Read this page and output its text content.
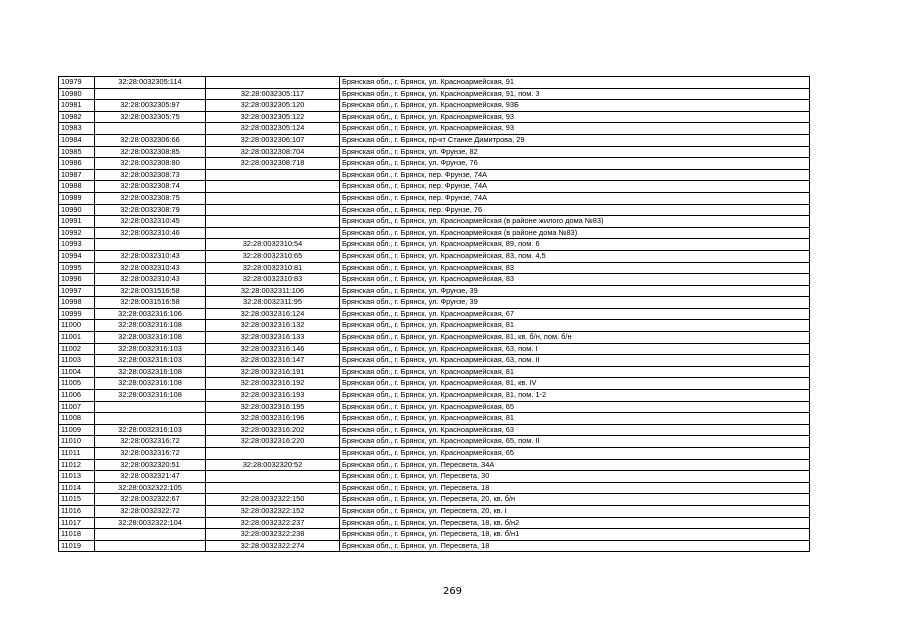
10979	32:28:0032305:114		Брянская обл., г. Брянск, ул. Красноармейская, 91
10980		32:28:0032305:117	Брянская обл., г. Брянск, ул. Красноармейская, 91, пом. 3
10981	32:28:0032305:97	32:28:0032305:120	Брянская обл., г. Брянск, ул. Красноармейская, 93Б
10982	32:28:0032305:75	32:28:0032305:122	Брянская обл., г. Брянск, ул. Красноармейская, 93
10983		32:28:0032305:124	Брянская обл., г. Брянск, ул. Красноармейская, 93
10984	32:28:0032306:66	32:28:0032306:107	Брянская обл., г. Брянск, пр-кт Станке Димитрова, 29
10985	32:28:0032308:85	32:28:0032308:704	Брянская обл., г. Брянск, ул. Фрунзе, 82
10986	32:28:0032308:80	32:28:0032308:718	Брянская обл., г. Брянск, ул. Фрунзе, 76
10987	32:28:0032308:73		Брянская обл., г. Брянск, пер. Фрунзе, 74А
10988	32:28:0032308:74		Брянская обл., г. Брянск, пер. Фрунзе, 74А
10989	32:28:0032308:75		Брянская обл., г. Брянск, пер. Фрунзе, 74А
10990	32:28:0032308:79		Брянская обл., г. Брянск, пер. Фрунзе, 76
10991	32:28:0032310:45		Брянская обл., г. Брянск, ул. Красноармейская (в районе жилого дома №83)
10992	32:28:0032310:46		Брянская обл., г. Брянск, ул. Красноармейская (в районе дома №83)
10993		32:28:0032310:54	Брянская обл., г. Брянск, ул. Красноармейская, 89, пом. 6
10994	32:28:0032310:43	32:28:0032310:65	Брянская обл., г. Брянск, ул. Красноармейская, 83, пом. 4,5
10995	32:28:0032310:43	32:28:0032310:81	Брянская обл., г. Брянск, ул. Красноармейская, 83
10996	32:28:0032310:43	32:28:0032310:83	Брянская обл., г. Брянск, ул. Красноармейская, 83
10997	32:28:0031516:58	32:28:0032311:106	Брянская обл., г. Брянск, ул. Фрунзе, 39
10998	32:28:0031516:58	32:28:0032311:95	Брянская обл., г. Брянск, ул. Фрунзе, 39
10999	32:28:0032316:106	32:28:0032316:124	Брянская обл., г. Брянск, ул. Красноармейская, 67
11000	32:28:0032316:108	32:28:0032316:132	Брянская обл., г. Брянск, ул. Красноармейская, 81
11001	32:28:0032316:108	32:28:0032316:133	Брянская обл., г. Брянск, ул. Красноармейская, 81, кв. б/н, пом. б/н
11002	32:28:0032316:103	32:28:0032316:146	Брянская обл., г. Брянск, ул. Красноармейская, 63, пом. I
11003	32:28:0032316:103	32:28:0032316:147	Брянская обл., г. Брянск, ул. Красноармейская, 63, пом. II
11004	32:28:0032316:108	32:28:0032316:191	Брянская обл., г. Брянск, ул. Красноармейская, 81
11005	32:28:0032316:108	32:28:0032316:192	Брянская обл., г. Брянск, ул. Красноармейская, 81, кв. IV
11006	32:28:0032316:108	32:28:0032316:193	Брянская обл., г. Брянск, ул. Красноармейская, 81, пом. 1-2
11007		32:28:0032316:195	Брянская обл., г. Брянск, ул. Красноармейская, 65
11008		32:28:0032316:196	Брянская обл., г. Брянск, ул. Красноармейская, 81
11009	32:28:0032316:103	32:28:0032316:202	Брянская обл., г. Брянск, ул. Красноармейская, 63
11010	32:28:0032316:72	32:28:0032316:220	Брянская обл., г. Брянск, ул. Красноармейская, 65, пом. II
11011	32:28:0032316:72		Брянская обл., г. Брянск, ул. Красноармейская, 65
11012	32:28:0032320:51	32:28:0032320:52	Брянская обл., г. Брянск, ул. Пересвета, 34А
11013	32:28:0032321:47		Брянская обл., г. Брянск, ул. Пересвета, 30
11014	32:28:0032322:105		Брянская обл., г. Брянск, ул. Пересвета, 18
11015	32:28:0032322:67	32:28:0032322:150	Брянская обл., г. Брянск, ул. Пересвета, 20, кв. б/н
11016	32:28:0032322:72	32:28:0032322:152	Брянская обл., г. Брянск, ул. Пересвета, 20, кв. I
11017	32:28:0032322:104	32:28:0032322:237	Брянская обл., г. Брянск, ул. Пересвета, 18, кв. б/н2
11018		32:28:0032322:238	Брянская обл., г. Брянск, ул. Пересвета, 18, кв. б/н1
11019		32:28:0032322:274	Брянская обл., г. Брянск, ул. Пересвета, 18
269
